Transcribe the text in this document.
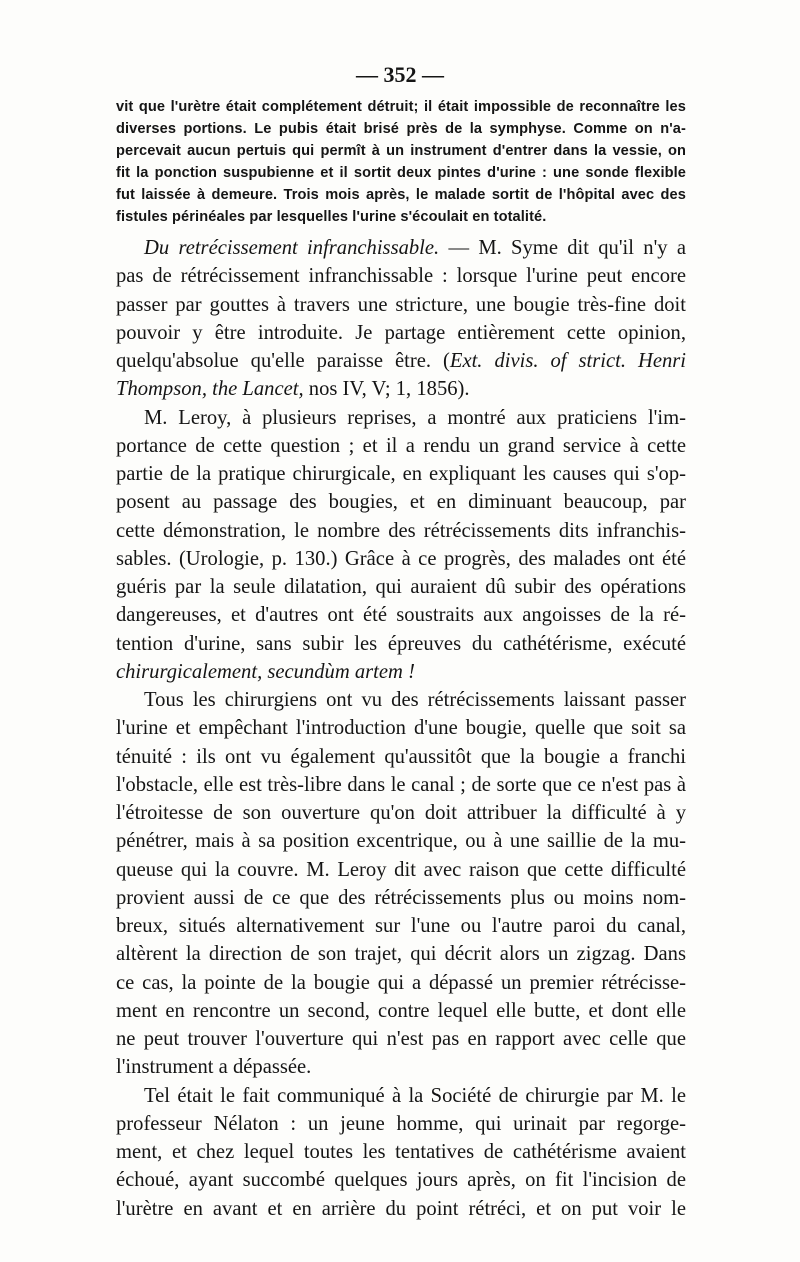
— 352 —
vit que l'urètre était complétement détruit; il était impossible de reconnaître les
diverses portions. Le pubis était brisé près de la symphyse. Comme on n'a-
percevait aucun pertuis qui permît à un instrument d'entrer dans la vessie, on
fit la ponction suspubienne et il sortit deux pintes d'urine : une sonde flexible
fut laissée à demeure. Trois mois après, le malade sortit de l'hôpital avec des
fistules périnéales par lesquelles l'urine s'écoulait en totalité.
Du retrécissement infranchissable. — M. Syme dit qu'il n'y a
pas de rétrécissement infranchissable : lorsque l'urine peut encore
passer par gouttes à travers une stricture, une bougie très-fine doit
pouvoir y être introduite. Je partage entièrement cette opinion,
quelqu'absolue qu'elle paraisse être. (Ext. divis. of strict. Henri
Thompson, the Lancet, nos IV, V; 1, 1856).
M. Leroy, à plusieurs reprises, a montré aux praticiens l'im-
portance de cette question ; et il a rendu un grand service à cette
partie de la pratique chirurgicale, en expliquant les causes qui s'op-
posent au passage des bougies, et en diminuant beaucoup, par
cette démonstration, le nombre des rétrécissements dits infranchis-
sables. (Urologie, p. 130.) Grâce à ce progrès, des malades ont été
guéris par la seule dilatation, qui auraient dû subir des opérations
dangereuses, et d'autres ont été soustraits aux angoisses de la ré-
tention d'urine, sans subir les épreuves du cathétérisme, exécuté
chirurgicalement, secundùm artem !
Tous les chirurgiens ont vu des rétrécissements laissant passer
l'urine et empêchant l'introduction d'une bougie, quelle que soit sa
ténuité : ils ont vu également qu'aussitôt que la bougie a franchi
l'obstacle, elle est très-libre dans le canal ; de sorte que ce n'est pas à
l'étroitesse de son ouverture qu'on doit attribuer la difficulté à y
pénétrer, mais à sa position excentrique, ou à une saillie de la mu-
queuse qui la couvre. M. Leroy dit avec raison que cette difficulté
provient aussi de ce que des rétrécissements plus ou moins nom-
breux, situés alternativement sur l'une ou l'autre paroi du canal,
altèrent la direction de son trajet, qui décrit alors un zigzag. Dans
ce cas, la pointe de la bougie qui a dépassé un premier rétrécisse-
ment en rencontre un second, contre lequel elle butte, et dont elle
ne peut trouver l'ouverture qui n'est pas en rapport avec celle que
l'instrument a dépassée.
Tel était le fait communiqué à la Société de chirurgie par M. le
professeur Nélaton : un jeune homme, qui urinait par regorge-
ment, et chez lequel toutes les tentatives de cathétérisme avaient
échoué, ayant succombé quelques jours après, on fit l'incision de
l'urètre en avant et en arrière du point rétréci, et on put voir le
